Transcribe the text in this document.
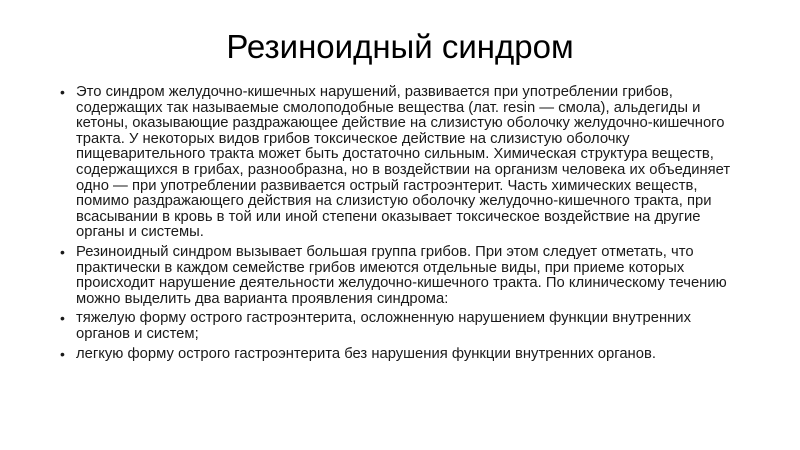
Резиноидный синдром
• Это синдром желудочно-кишечных нарушений, развивается при употреблении грибов, содержащих так называемые смолоподобные вещества (лат. resin — смола), альдегиды и кетоны, оказывающие раздражающее действие на слизистую оболочку желудочно-кишечного тракта. У некоторых видов грибов токсическое действие на слизистую оболочку пищеварительного тракта может быть достаточно сильным. Химическая структура веществ, содержащихся в грибах, разнообразна, но в воздействии на организм человека их объединяет одно — при употреблении развивается острый гастроэнтерит. Часть химических веществ, помимо раздражающего действия на слизистую оболочку желудочно-кишечного тракта, при всасывании в кровь в той или иной степени оказывает токсическое воздействие на другие органы и системы.
• Резиноидный синдром вызывает большая группа грибов. При этом следует отметать, что практически в каждом семействе грибов имеются отдельные виды, при приеме которых происходит нарушение деятельности желудочно-кишечного тракта. По клиническому течению можно выделить два варианта проявления синдрома:
• тяжелую форму острого гастроэнтерита, осложненную нарушением функции внутренних органов и систем;
• легкую форму острого гастроэнтерита без нарушения функции внутренних органов.
